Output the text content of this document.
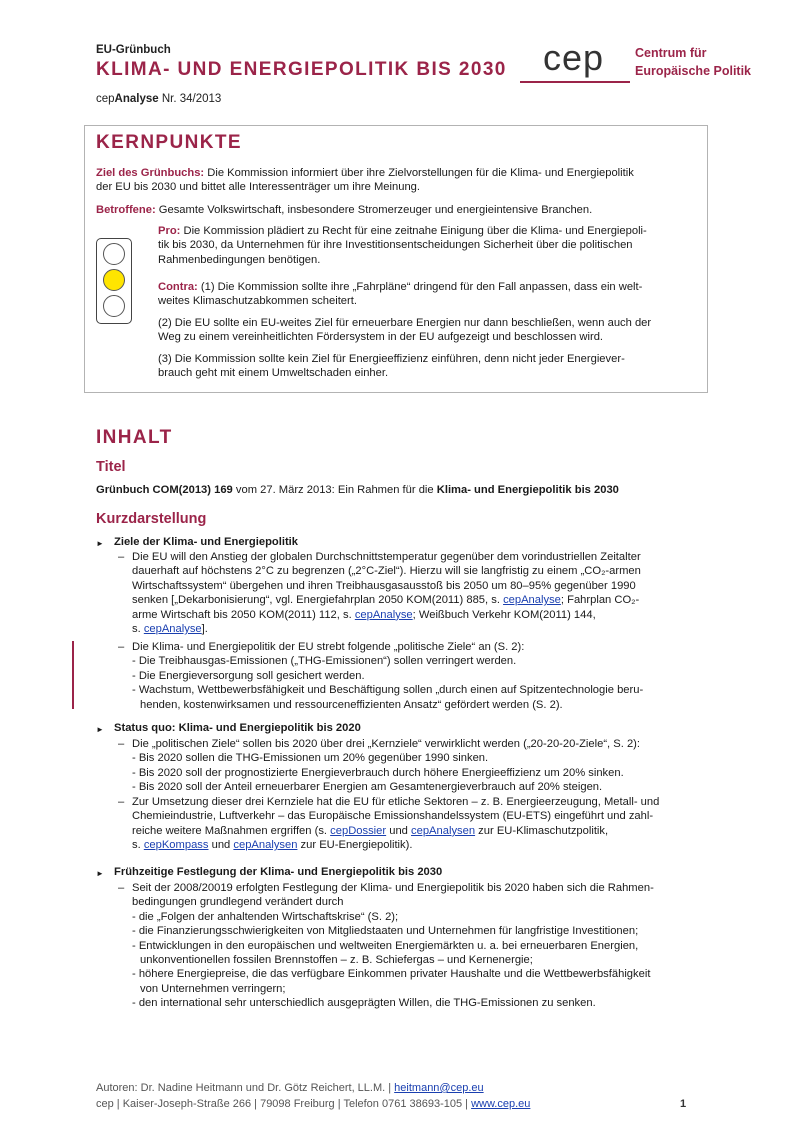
EU-Grünbuch
KLIMA- UND ENERGIEPOLITIK BIS 2030
cepAnalyse Nr. 34/2013
cep Centrum für
Europäische Politik
KERNPUNKTE
Ziel des Grünbuchs: Die Kommission informiert über ihre Zielvorstellungen für die Klima- und Energiepolitik
der EU bis 2030 und bittet alle Interessenträger um ihre Meinung.
Betroffene: Gesamte Volkswirtschaft, insbesondere Stromerzeuger und energieintensive Branchen.
Pro: Die Kommission plädiert zu Recht für eine zeitnahe Einigung über die Klima- und Energiepoli-
tik bis 2030, da Unternehmen für ihre Investitionsentscheidungen Sicherheit über die politischen
Rahmenbedingungen benötigen.
Contra: (1) Die Kommission sollte ihre „Fahrpläne“ dringend für den Fall anpassen, dass ein welt-
weites Klimaschutzabkommen scheitert.
(2) Die EU sollte ein EU-weites Ziel für erneuerbare Energien nur dann beschließen, wenn auch der
Weg zu einem vereinheitlichten Fördersystem in der EU aufgezeigt und beschlossen wird.
(3) Die Kommission sollte kein Ziel für Energieeffizienz einführen, denn nicht jeder Energiever-
brauch geht mit einem Umweltschaden einher.
INHALT
Titel
Grünbuch COM(2013) 169 vom 27. März 2013: Ein Rahmen für die Klima- und Energiepolitik bis 2030
Kurzdarstellung
► Ziele der Klima- und Energiepolitik
– Die EU will den Anstieg der globalen Durchschnittstemperatur gegenüber dem vorindustriellen Zeitalter
dauerhaft auf höchstens 2°C zu begrenzen („2°C-Ziel“). Hierzu will sie langfristig zu einem „CO₂-armen
Wirtschaftssystem“ übergehen und ihren Treibhausgasausstoß bis 2050 um 80–95% gegenüber 1990
senken [„Dekarbonisierung“, vgl. Energiefahrplan 2050 KOM(2011) 885, s. cepAnalyse; Fahrplan CO₂-
arme Wirtschaft bis 2050 KOM(2011) 112, s. cepAnalyse; Weißbuch Verkehr KOM(2011) 144,
s. cepAnalyse].
– Die Klima- und Energiepolitik der EU strebt folgende „politische Ziele“ an (S. 2):
- Die Treibhausgas-Emissionen („THG-Emissionen“) sollen verringert werden.
- Die Energieversorgung soll gesichert werden.
- Wachstum, Wettbewerbsfähigkeit und Beschäftigung sollen „durch einen auf Spitzentechnologie beru-
henden, kostenwirksamen und ressourceneffizienten Ansatz“ gefördert werden (S. 2).
► Status quo: Klima- und Energiepolitik bis 2020
– Die „politischen Ziele“ sollen bis 2020 über drei „Kernziele“ verwirklicht werden („20-20-20-Ziele“, S. 2):
- Bis 2020 sollen die THG-Emissionen um 20% gegenüber 1990 sinken.
- Bis 2020 soll der prognostizierte Energieverbrauch durch höhere Energieeffizienz um 20% sinken.
- Bis 2020 soll der Anteil erneuerbarer Energien am Gesamtenergieverbrauch auf 20% steigen.
– Zur Umsetzung dieser drei Kernziele hat die EU für etliche Sektoren – z. B. Energieerzeugung, Metall- und
Chemieindustrie, Luftverkehr – das Europäische Emissionshandelssystem (EU-ETS) eingeführt und zahl-
reiche weitere Maßnahmen ergriffen (s. cepDossier und cepAnalysen zur EU-Klimaschutzpolitik,
s. cepKompass und cepAnalysen zur EU-Energiepolitik).
► Frühzeitige Festlegung der Klima- und Energiepolitik bis 2030
– Seit der 2008/20019 erfolgten Festlegung der Klima- und Energiepolitik bis 2020 haben sich die Rahmen-
bedingungen grundlegend verändert durch
- die „Folgen der anhaltenden Wirtschaftskrise“ (S. 2);
- die Finanzierungsschwierigkeiten von Mitgliedstaaten und Unternehmen für langfristige Investitionen;
- Entwicklungen in den europäischen und weltweiten Energiemärkten u. a. bei erneuerbaren Energien,
unkonventionellen fossilen Brennstoffen – z. B. Schiefergas – und Kernenergie;
- höhere Energiepreise, die das verfügbare Einkommen privater Haushalte und die Wettbewerbsfähigkeit
von Unternehmen verringern;
- den international sehr unterschiedlich ausgeprägten Willen, die THG-Emissionen zu senken.
Autoren: Dr. Nadine Heitmann und Dr. Götz Reichert, LL.M. | heitmann@cep.eu
cep | Kaiser-Joseph-Straße 266 | 79098 Freiburg | Telefon 0761 38693-105 | www.cep.eu	1
